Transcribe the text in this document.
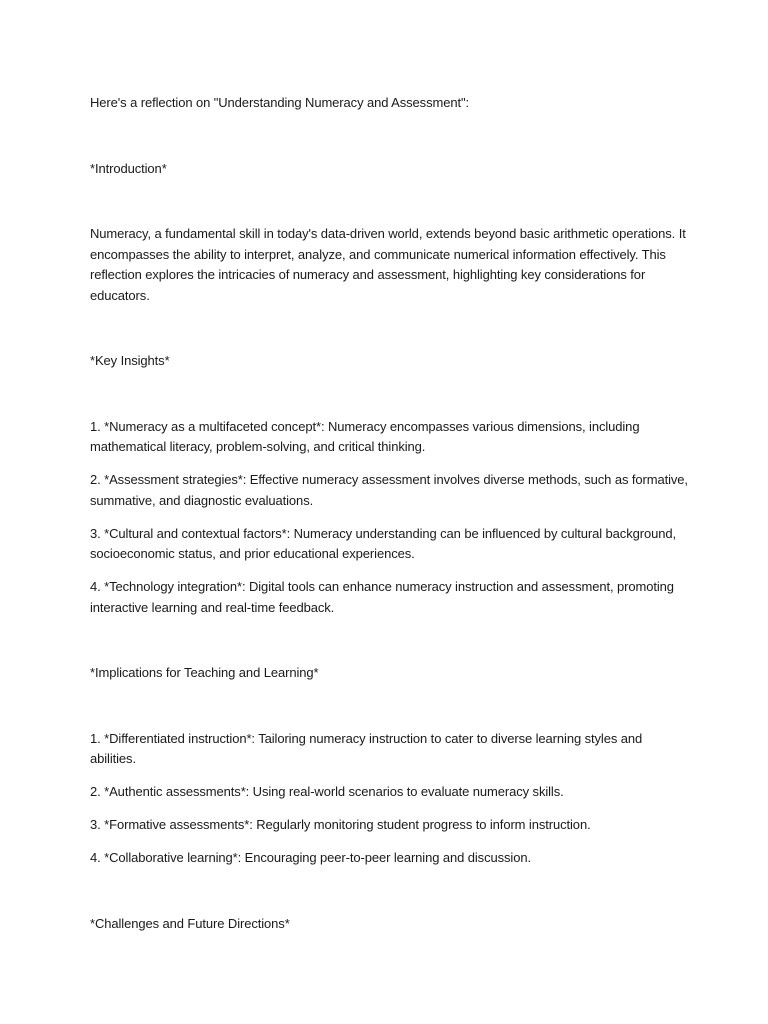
Here's a reflection on "Understanding Numeracy and Assessment":

*Introduction*

Numeracy, a fundamental skill in today's data-driven world, extends beyond basic arithmetic operations. It encompasses the ability to interpret, analyze, and communicate numerical information effectively. This reflection explores the intricacies of numeracy and assessment, highlighting key considerations for educators.

*Key Insights*

1. *Numeracy as a multifaceted concept*: Numeracy encompasses various dimensions, including mathematical literacy, problem-solving, and critical thinking.

2. *Assessment strategies*: Effective numeracy assessment involves diverse methods, such as formative, summative, and diagnostic evaluations.

3. *Cultural and contextual factors*: Numeracy understanding can be influenced by cultural background, socioeconomic status, and prior educational experiences.

4. *Technology integration*: Digital tools can enhance numeracy instruction and assessment, promoting interactive learning and real-time feedback.

*Implications for Teaching and Learning*

1. *Differentiated instruction*: Tailoring numeracy instruction to cater to diverse learning styles and abilities.

2. *Authentic assessments*: Using real-world scenarios to evaluate numeracy skills.

3. *Formative assessments*: Regularly monitoring student progress to inform instruction.

4. *Collaborative learning*: Encouraging peer-to-peer learning and discussion.

*Challenges and Future Directions*
